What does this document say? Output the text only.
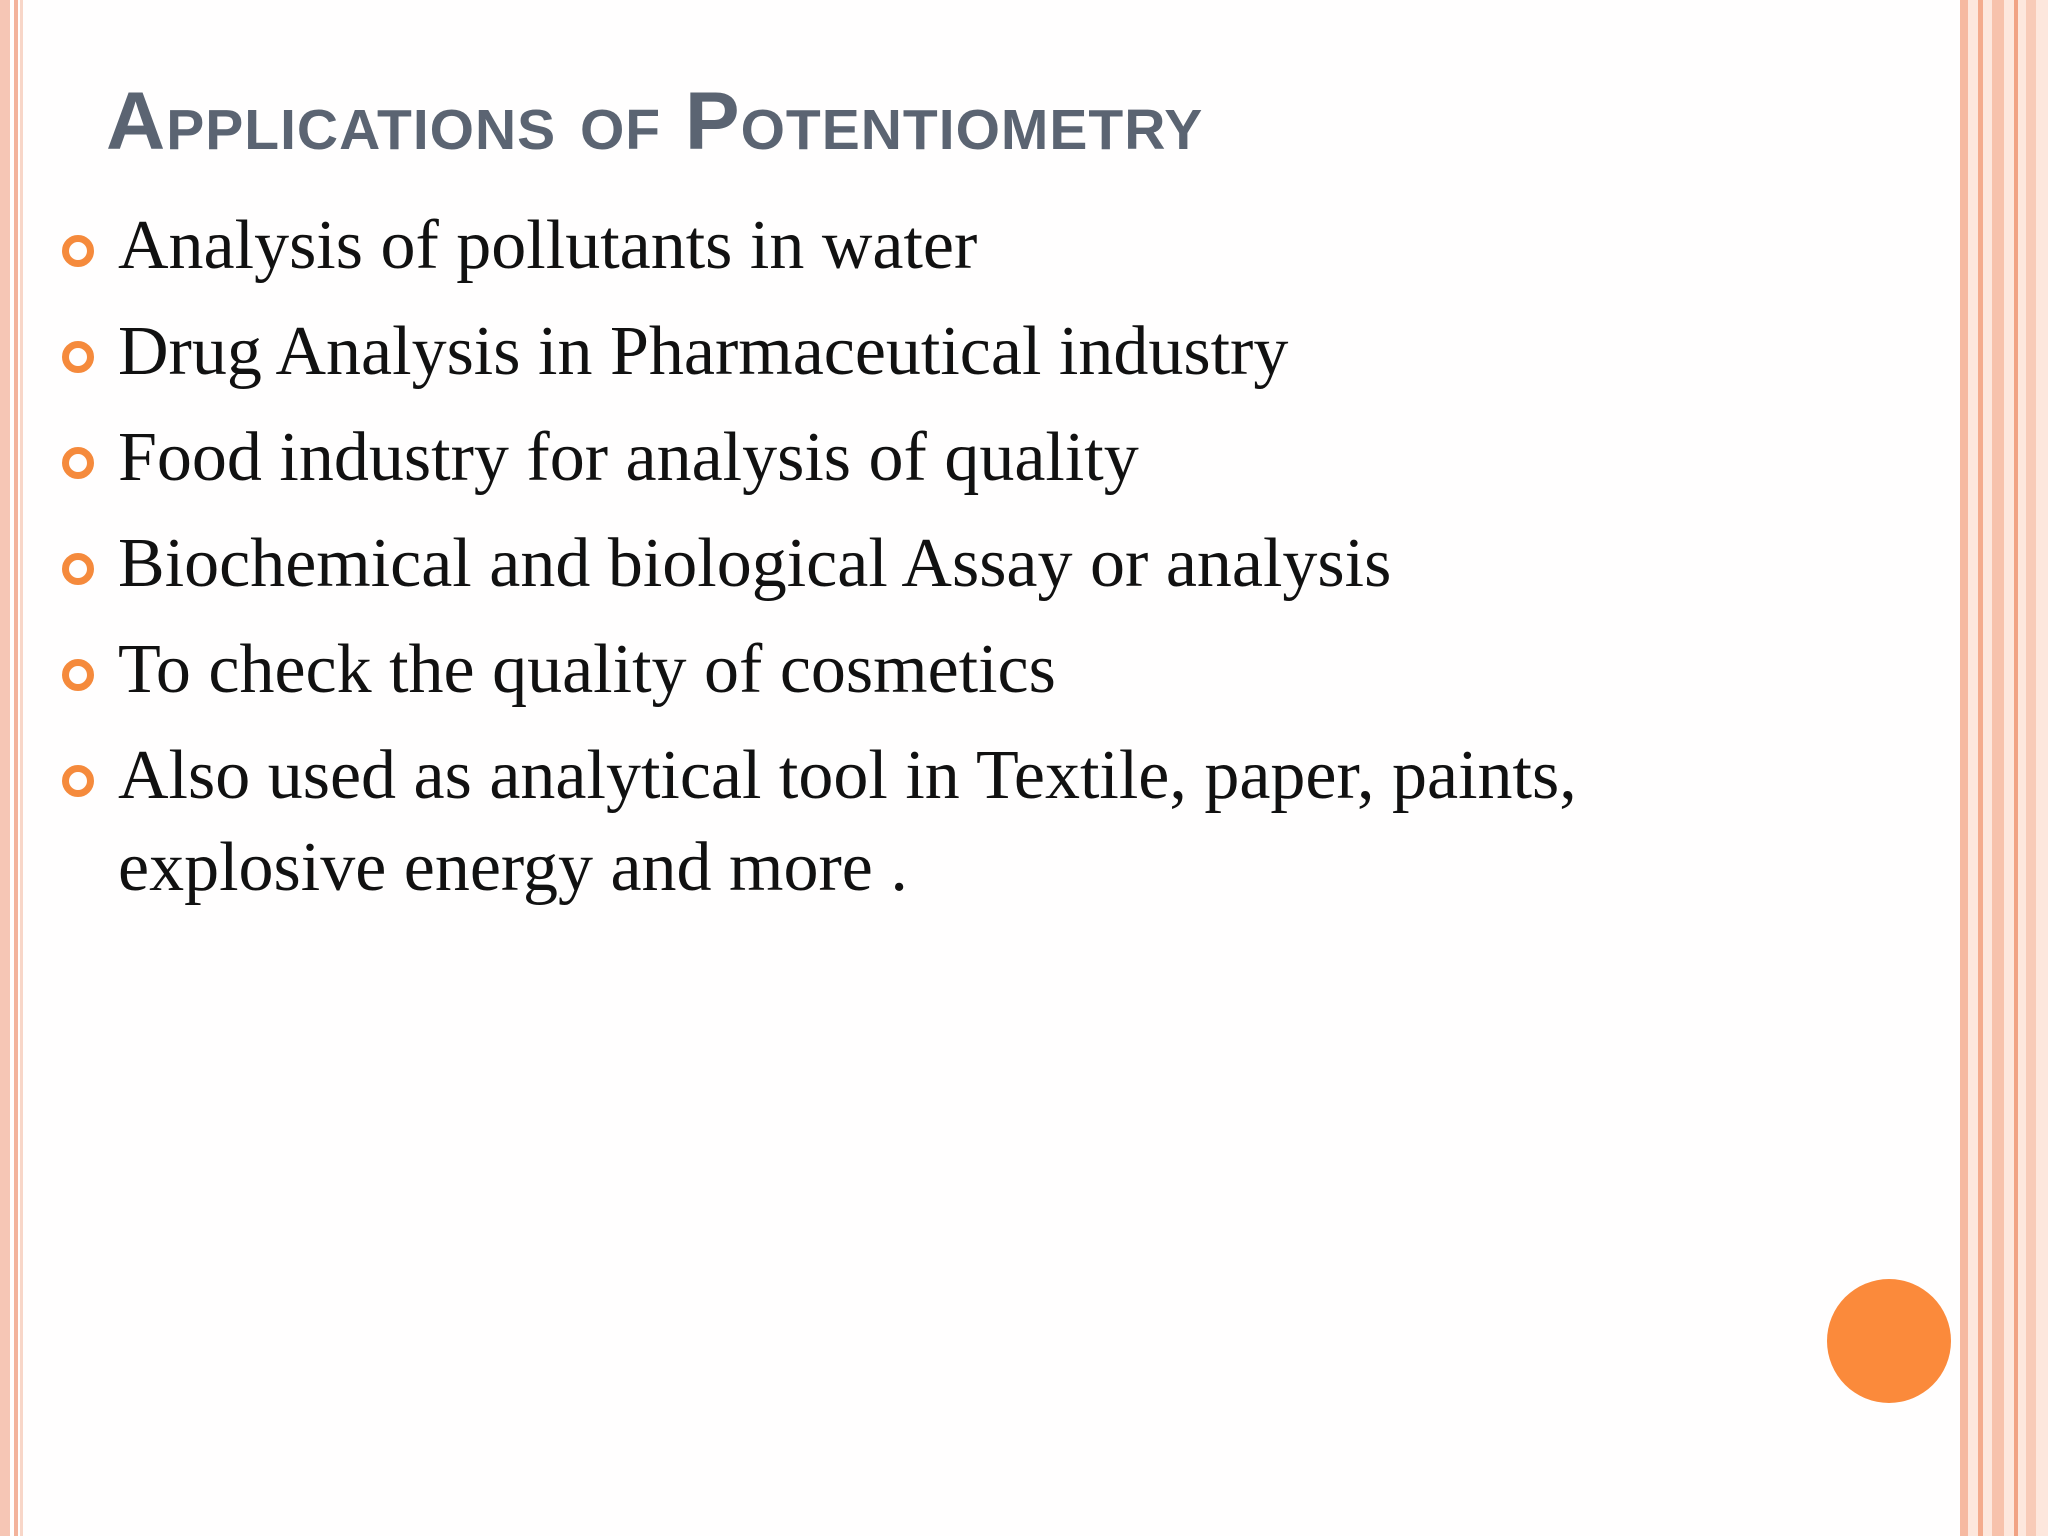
Applications of Potentiometry
Analysis of pollutants in water
Drug Analysis in Pharmaceutical industry
Food industry for analysis of quality
Biochemical and biological Assay or analysis
To check the quality of cosmetics
Also used as analytical tool in Textile, paper, paints, explosive energy and more .
